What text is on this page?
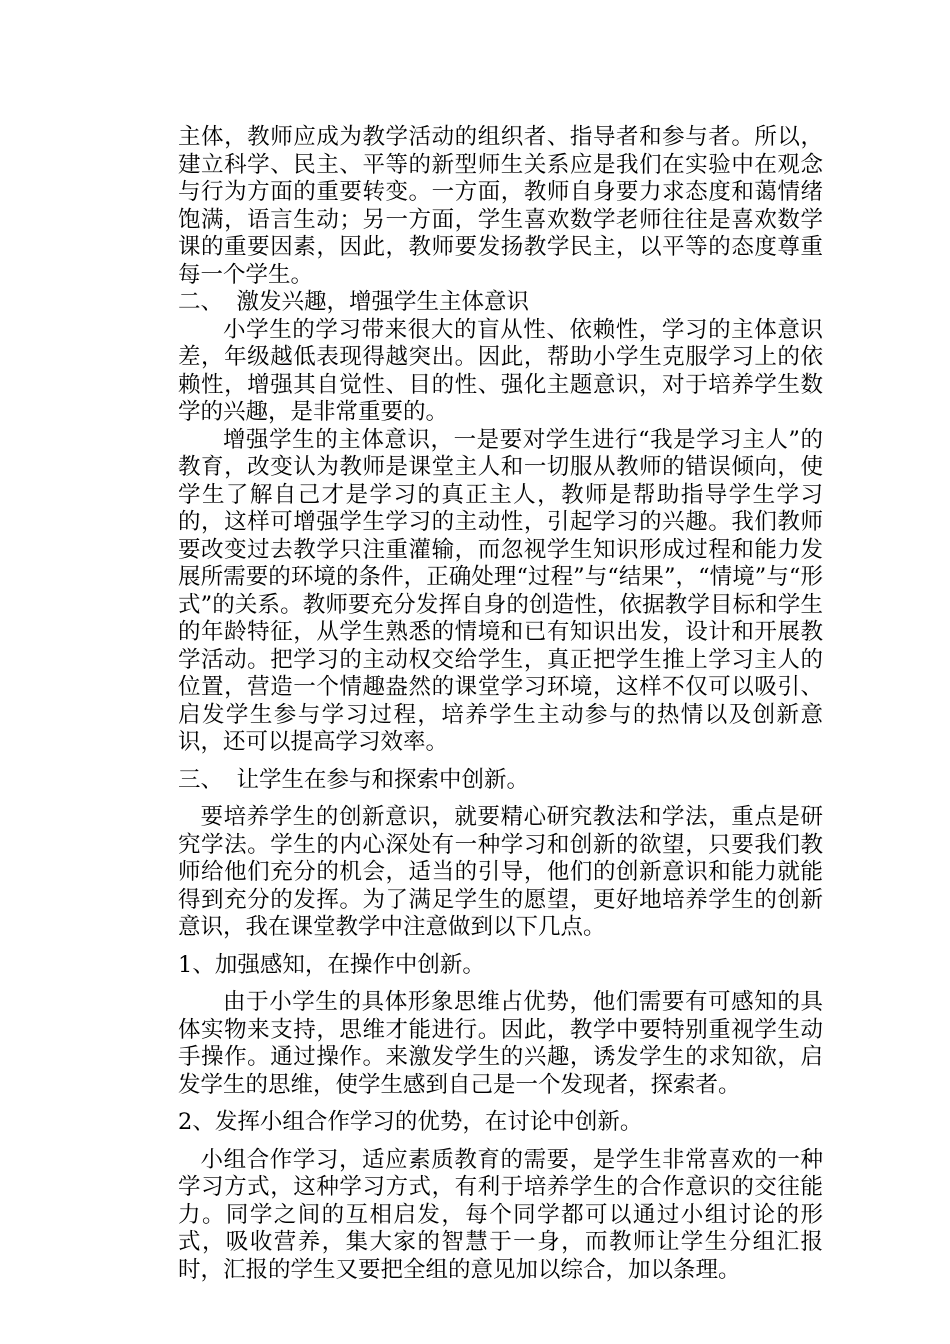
主体，教师应成为教学活动的组织者、指导者和参与者。所以，建立科学、民主、平等的新型师生关系应是我们在实验中在观念与行为方面的重要转变。一方面，教师自身要力求态度和蔼情绪饱满，语言生动；另一方面，学生喜欢数学老师往往是喜欢数学课的重要因素，因此，教师要发扬教学民主，以平等的态度尊重每一个学生。

二、 激发兴趣，增强学生主体意识

小学生的学习带来很大的盲从性、依赖性，学习的主体意识差，年级越低表现得越突出。因此，帮助小学生克服学习上的依赖性，增强其自觉性、目的性、强化主题意识，对于培养学生数学的兴趣，是非常重要的。

增强学生的主体意识，一是要对学生进行“我是学习主人”的教育，改变认为教师是课堂主人和一切服从教师的错误倾向，使学生了解自己才是学习的真正主人，教师是帮助指导学生学习的，这样可增强学生学习的主动性，引起学习的兴趣。我们教师要改变过去教学只注重灌输，而忽视学生知识形成过程和能力发展所需要的环境的条件，正确处理“过程”与“结果”，“情境”与“形式”的关系。教师要充分发挥自身的创造性，依据教学目标和学生的年龄特征，从学生熟悉的情境和已有知识出发，设计和开展教学活动。把学习的主动权交给学生，真正把学生推上学习主人的位置，营造一个情趣盎然的课堂学习环境，这样不仅可以吸引、启发学生参与学习过程，培养学生主动参与的热情以及创新意识，还可以提高学习效率。

三、 让学生在参与和探索中创新。

要培养学生的创新意识，就要精心研究教法和学法，重点是研究学法。学生的内心深处有一种学习和创新的欲望，只要我们教师给他们充分的机会，适当的引导，他们的创新意识和能力就能得到充分的发挥。为了满足学生的愿望，更好地培养学生的创新意识，我在课堂教学中注意做到以下几点。

1、加强感知，在操作中创新。

由于小学生的具体形象思维占优势，他们需要有可感知的具体实物来支持，思维才能进行。因此，教学中要特别重视学生动手操作。通过操作。来激发学生的兴趣，诱发学生的求知欲，启发学生的思维，使学生感到自己是一个发现者，探索者。

2、发挥小组合作学习的优势，在讨论中创新。

小组合作学习，适应素质教育的需要，是学生非常喜欢的一种学习方式，这种学习方式，有利于培养学生的合作意识的交往能力。同学之间的互相启发，每个同学都可以通过小组讨论的形式，吸收营养，集大家的智慧于一身，而教师让学生分组汇报时，汇报的学生又要把全组的意见加以综合，加以条理。
